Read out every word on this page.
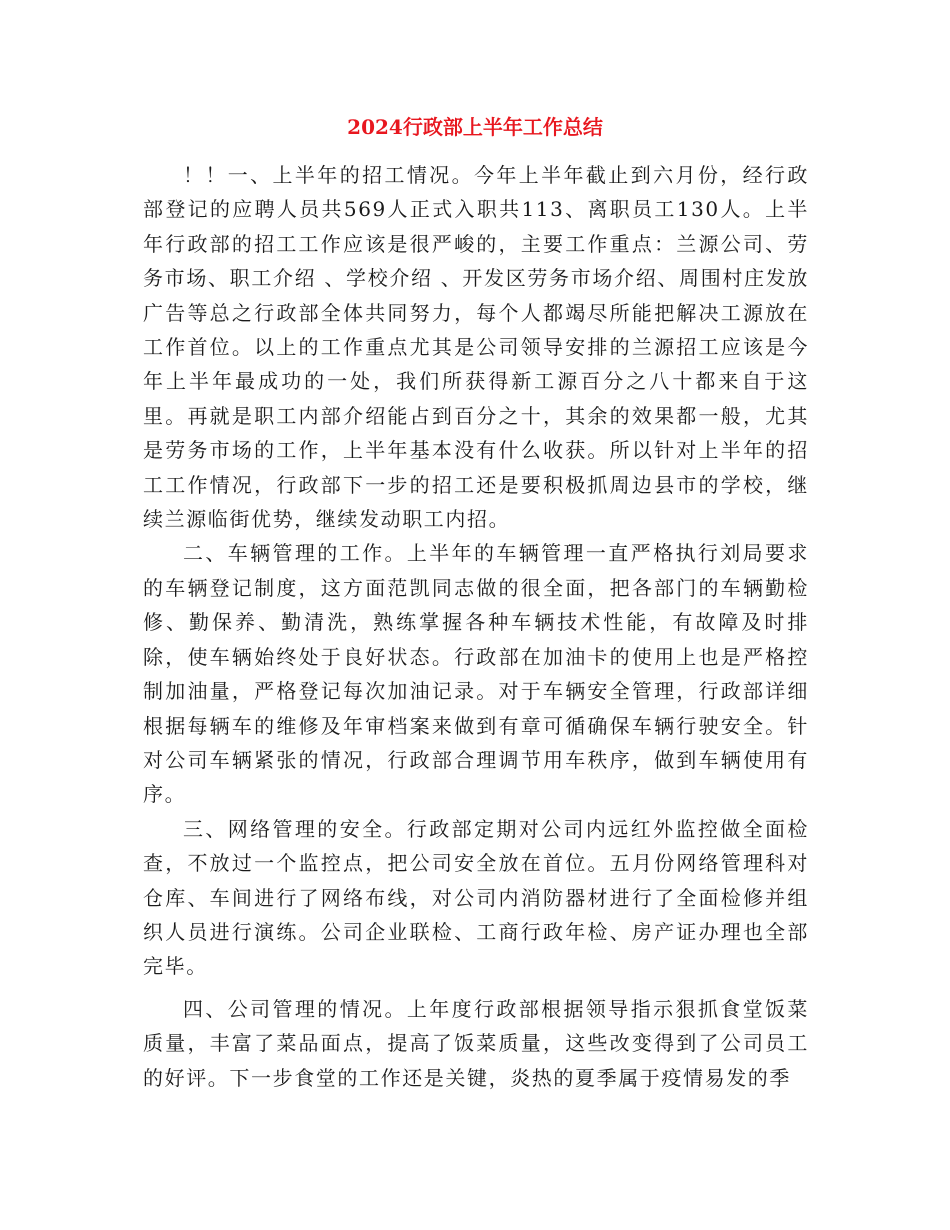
2024行政部上半年工作总结

！！一、上半年的招工情况。今年上半年截止到六月份，经行政部登记的应聘人员共569人正式入职共113、离职员工130人。上半年行政部的招工工作应该是很严峻的，主要工作重点：兰源公司、劳务市场、职工介绍 、学校介绍 、开发区劳务市场介绍、周围村庄发放广告等总之行政部全体共同努力，每个人都竭尽所能把解决工源放在工作首位。以上的工作重点尤其是公司领导安排的兰源招工应该是今年上半年最成功的一处，我们所获得新工源百分之八十都来自于这里。再就是职工内部介绍能占到百分之十，其余的效果都一般，尤其是劳务市场的工作，上半年基本没有什么收获。所以针对上半年的招工工作情况，行政部下一步的招工还是要积极抓周边县市的学校，继续兰源临街优势，继续发动职工内招。

二、车辆管理的工作。上半年的车辆管理一直严格执行刘局要求的车辆登记制度，这方面范凯同志做的很全面，把各部门的车辆勤检修、勤保养、勤清洗，熟练掌握各种车辆技术性能，有故障及时排除，使车辆始终处于良好状态。行政部在加油卡的使用上也是严格控制加油量，严格登记每次加油记录。对于车辆安全管理，行政部详细根据每辆车的维修及年审档案来做到有章可循确保车辆行驶安全。针对公司车辆紧张的情况，行政部合理调节用车秩序，做到车辆使用有序。

三、网络管理的安全。行政部定期对公司内远红外监控做全面检查，不放过一个监控点，把公司安全放在首位。五月份网络管理科对仓库、车间进行了网络布线，对公司内消防器材进行了全面检修并组织人员进行演练。公司企业联检、工商行政年检、房产证办理也全部完毕。

四、公司管理的情况。上年度行政部根据领导指示狠抓食堂饭菜质量，丰富了菜品面点，提高了饭菜质量，这些改变得到了公司员工的好评。下一步食堂的工作还是关键，炎热的夏季属于疫情易发的季
